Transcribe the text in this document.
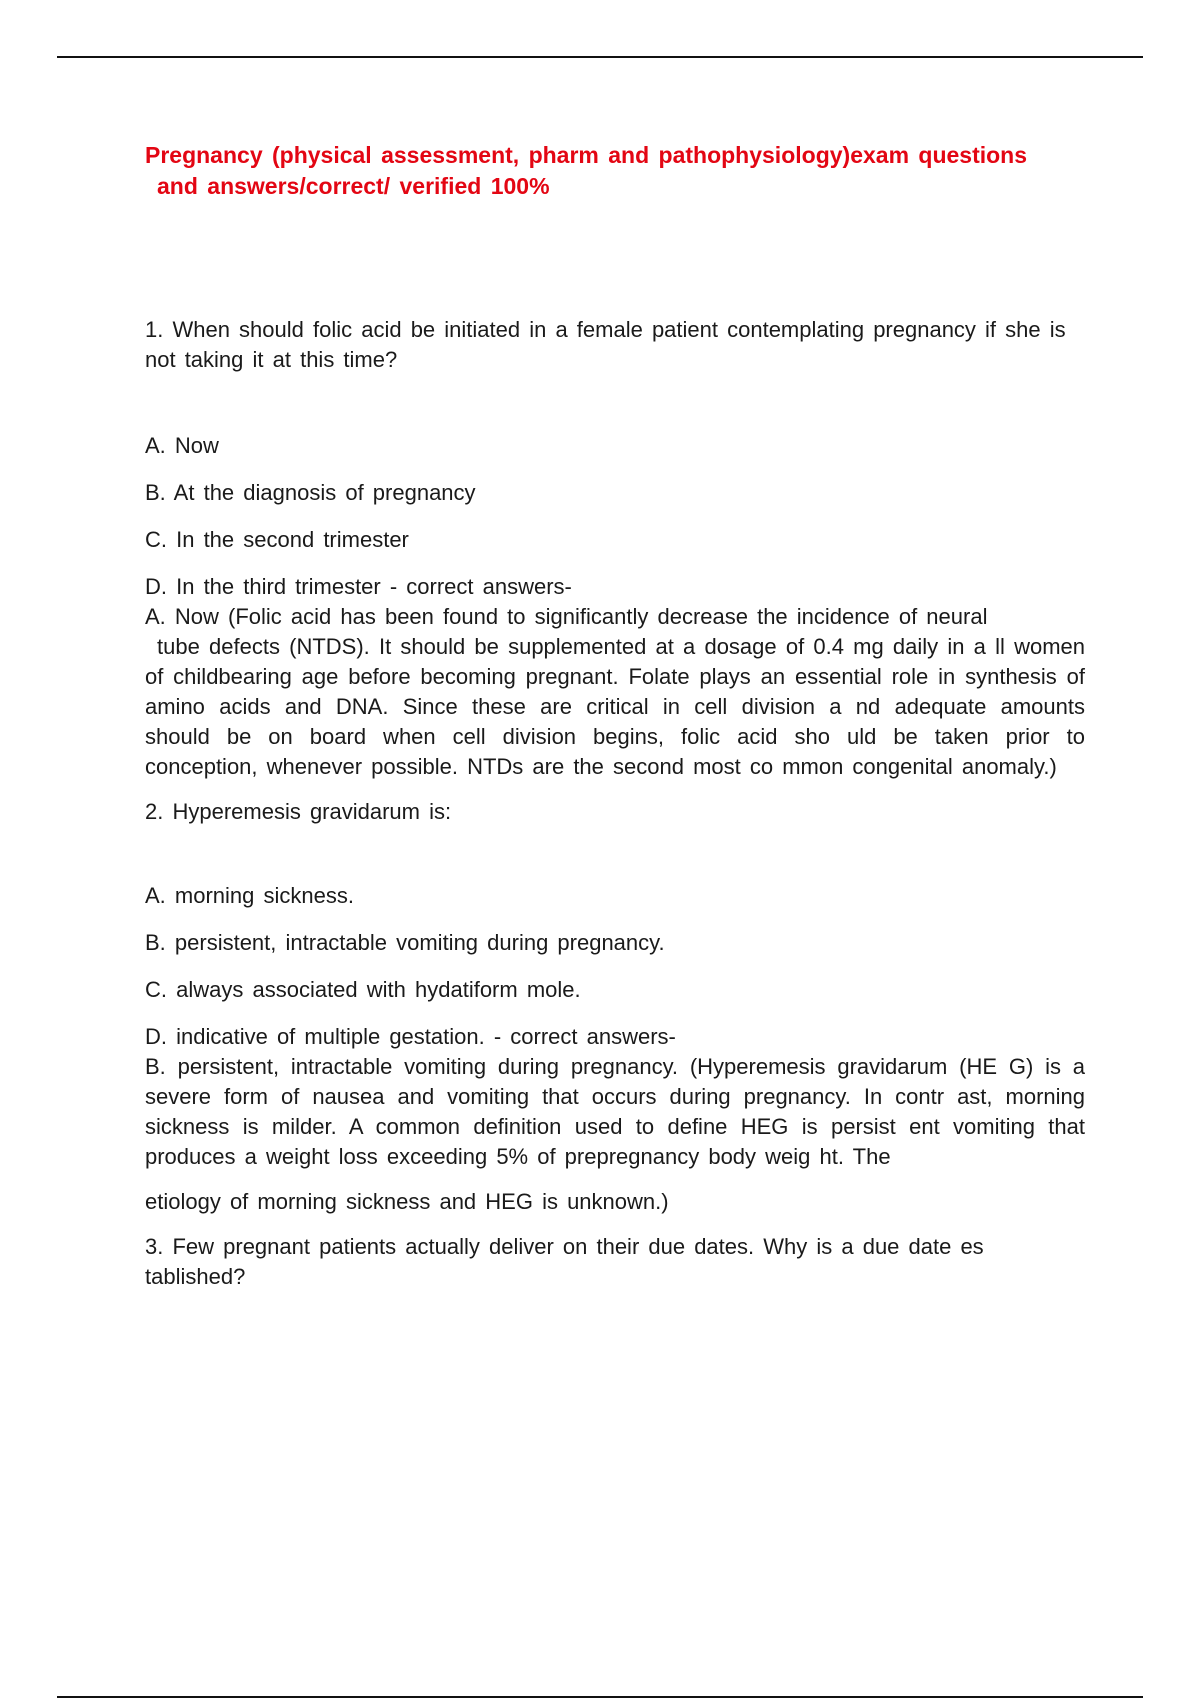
Pregnancy (physical assessment, pharm and pathophysiology)exam questions
and answers/correct/ verified 100%

1. When should folic acid be initiated in a female patient contemplating pregnancy if she is not taking it at this time?

A. Now

B. At the diagnosis of pregnancy

C. In the second trimester

D. In the third trimester - correct answers-

A. Now (Folic acid has been found to significantly decrease the incidence of neural
tube defects (NTDS). It should be supplemented at a dosage of 0.4 mg daily in a ll women of childbearing age before becoming pregnant. Folate plays an essential role in synthesis of amino acids and DNA. Since these are critical in cell division a nd adequate amounts should be on board when cell division begins, folic acid sho uld be taken prior to conception, whenever possible. NTDs are the second most co mmon congenital anomaly.)

2. Hyperemesis gravidarum is:

A. morning sickness.

B. persistent, intractable vomiting during pregnancy.

C. always associated with hydatiform mole.

D. indicative of multiple gestation. - correct answers-

B. persistent, intractable vomiting during pregnancy. (Hyperemesis gravidarum (HE G) is a severe form of nausea and vomiting that occurs during pregnancy. In contr ast, morning sickness is milder. A common definition used to define HEG is persist ent vomiting that produces a weight loss exceeding 5% of prepregnancy body weig ht. The

etiology of morning sickness and HEG is unknown.)

3. Few pregnant patients actually deliver on their due dates. Why is a due date es tablished?
